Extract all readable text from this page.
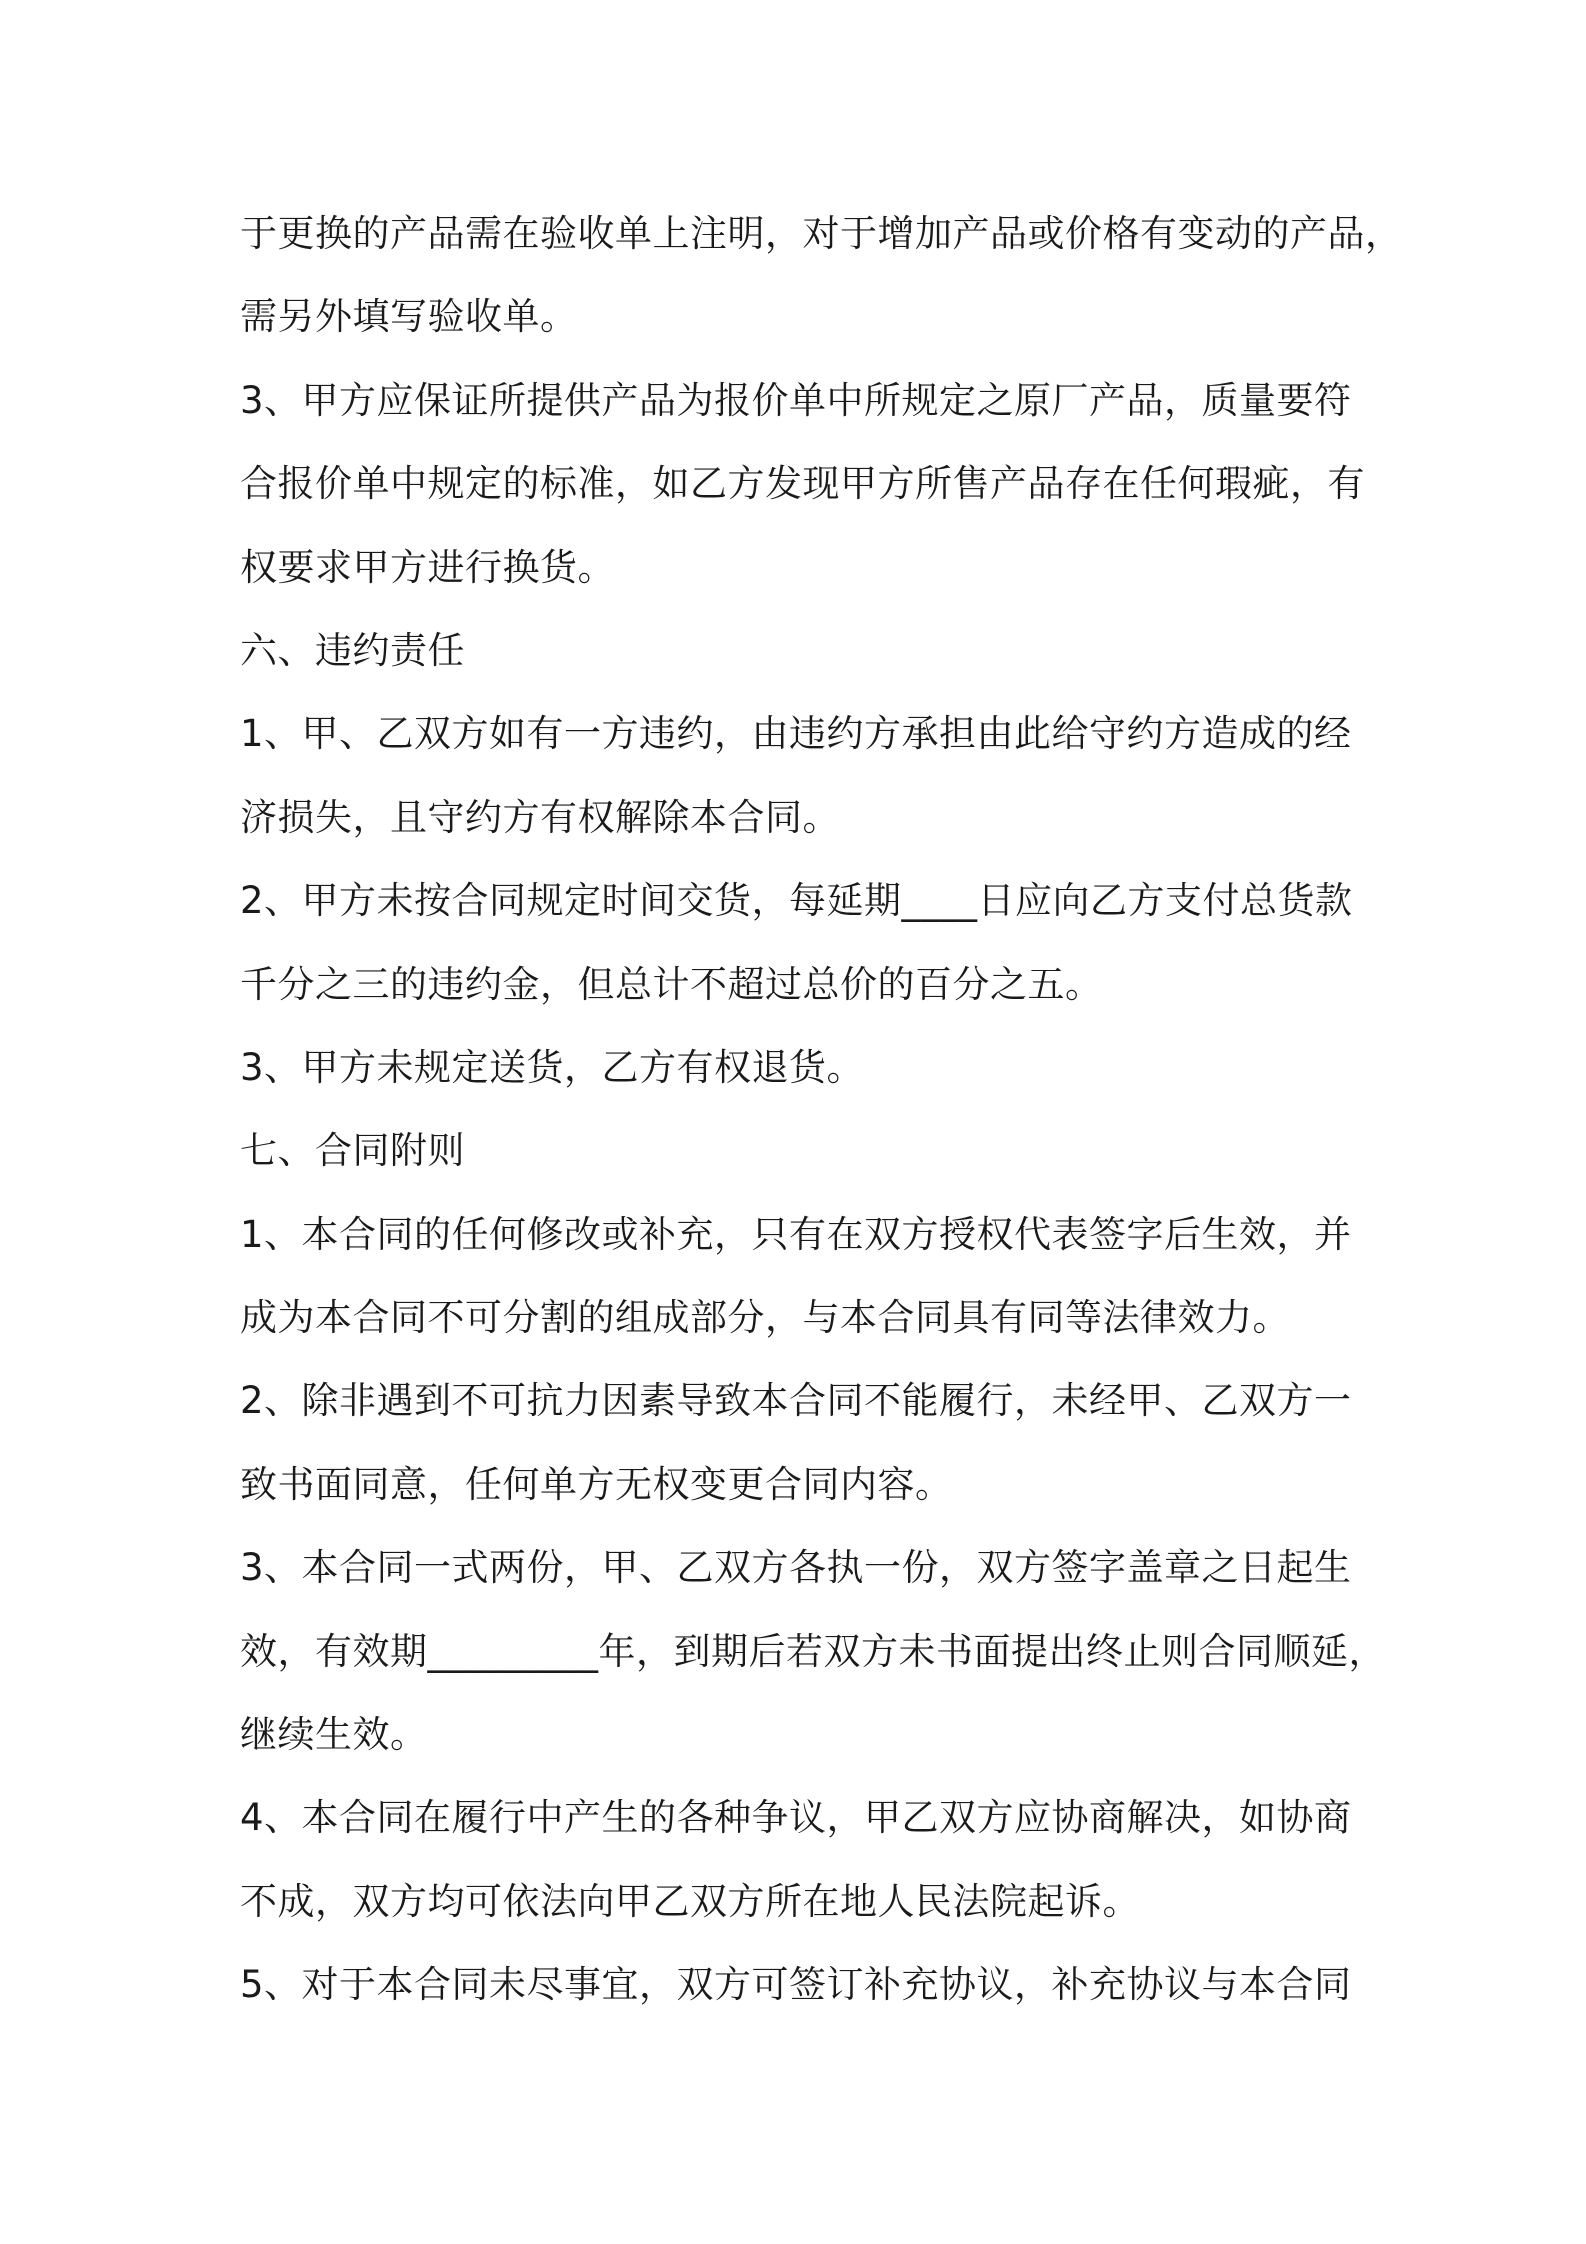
于更换的产品需在验收单上注明，对于增加产品或价格有变动的产品，
需另外填写验收单。
3、甲方应保证所提供产品为报价单中所规定之原厂产品，质量要符
合报价单中规定的标准，如乙方发现甲方所售产品存在任何瑕疵，有
权要求甲方进行换货。
六、违约责任
1、甲、乙双方如有一方违约，由违约方承担由此给守约方造成的经
济损失，且守约方有权解除本合同。
2、甲方未按合同规定时间交货，每延期____日应向乙方支付总货款
千分之三的违约金，但总计不超过总价的百分之五。
3、甲方未规定送货，乙方有权退货。
七、合同附则
1、本合同的任何修改或补充，只有在双方授权代表签字后生效，并
成为本合同不可分割的组成部分，与本合同具有同等法律效力。
2、除非遇到不可抗力因素导致本合同不能履行，未经甲、乙双方一
致书面同意，任何单方无权变更合同内容。
3、本合同一式两份，甲、乙双方各执一份，双方签字盖章之日起生
效，有效期_________年，到期后若双方未书面提出终止则合同顺延，
继续生效。
4、本合同在履行中产生的各种争议，甲乙双方应协商解决，如协商
不成，双方均可依法向甲乙双方所在地人民法院起诉。
5、对于本合同未尽事宜，双方可签订补充协议，补充协议与本合同
